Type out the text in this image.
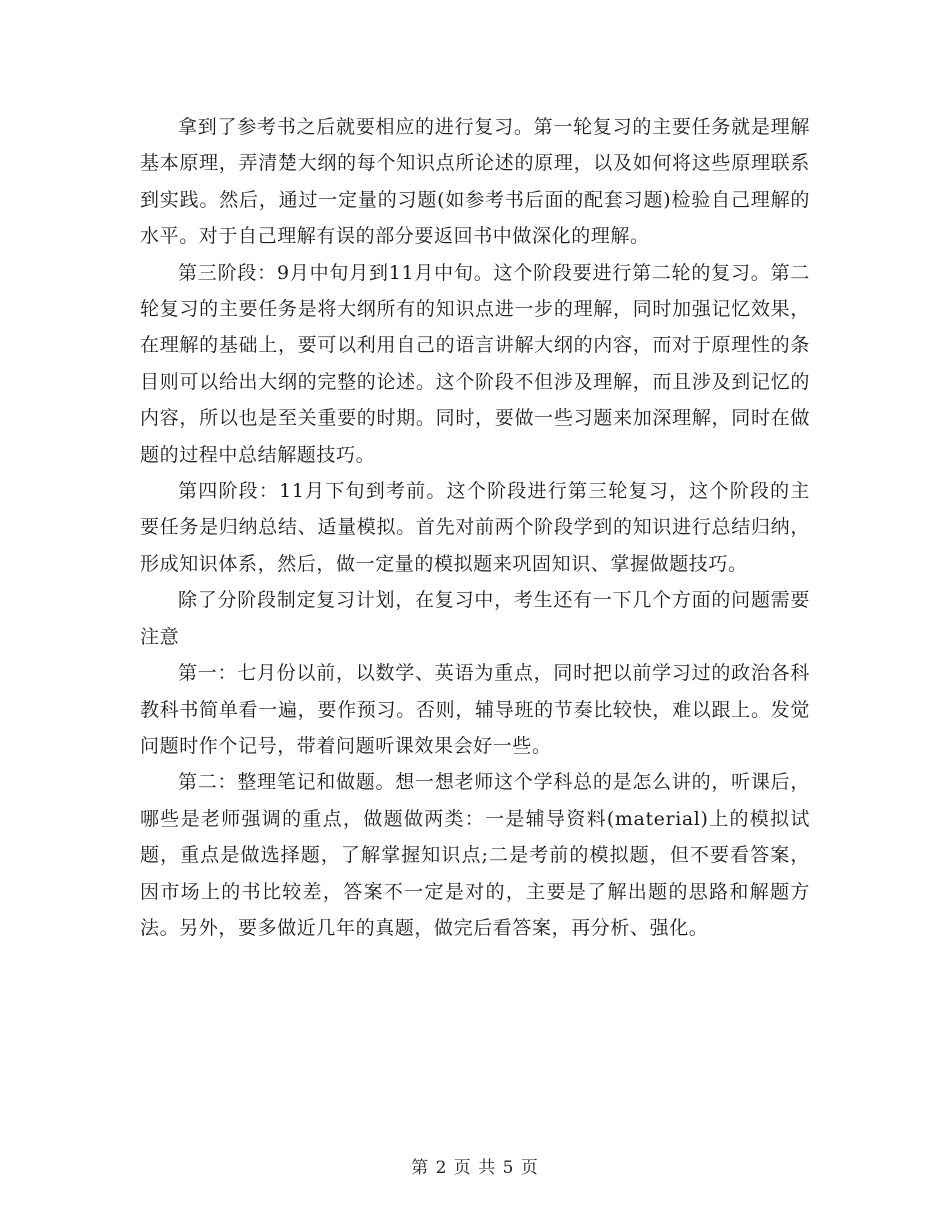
拿到了参考书之后就要相应的进行复习。第一轮复习的主要任务就是理解基本原理，弄清楚大纲的每个知识点所论述的原理，以及如何将这些原理联系到实践。然后，通过一定量的习题(如参考书后面的配套习题)检验自己理解的水平。对于自己理解有误的部分要返回书中做深化的理解。

第三阶段：9月中旬月到11月中旬。这个阶段要进行第二轮的复习。第二轮复习的主要任务是将大纲所有的知识点进一步的理解，同时加强记忆效果，在理解的基础上，要可以利用自己的语言讲解大纲的内容，而对于原理性的条目则可以给出大纲的完整的论述。这个阶段不但涉及理解，而且涉及到记忆的内容，所以也是至关重要的时期。同时，要做一些习题来加深理解，同时在做题的过程中总结解题技巧。

第四阶段：11月下旬到考前。这个阶段进行第三轮复习，这个阶段的主要任务是归纳总结、适量模拟。首先对前两个阶段学到的知识进行总结归纳，形成知识体系，然后，做一定量的模拟题来巩固知识、掌握做题技巧。

除了分阶段制定复习计划，在复习中，考生还有一下几个方面的问题需要注意

第一：七月份以前，以数学、英语为重点，同时把以前学习过的政治各科教科书简单看一遍，要作预习。否则，辅导班的节奏比较快，难以跟上。发觉问题时作个记号，带着问题听课效果会好一些。

第二：整理笔记和做题。想一想老师这个学科总的是怎么讲的，听课后，哪些是老师强调的重点，做题做两类：一是辅导资料(material)上的模拟试题，重点是做选择题，了解掌握知识点;二是考前的模拟题，但不要看答案，因市场上的书比较差，答案不一定是对的，主要是了解出题的思路和解题方法。另外，要多做近几年的真题，做完后看答案，再分析、强化。

第 2 页 共 5 页
